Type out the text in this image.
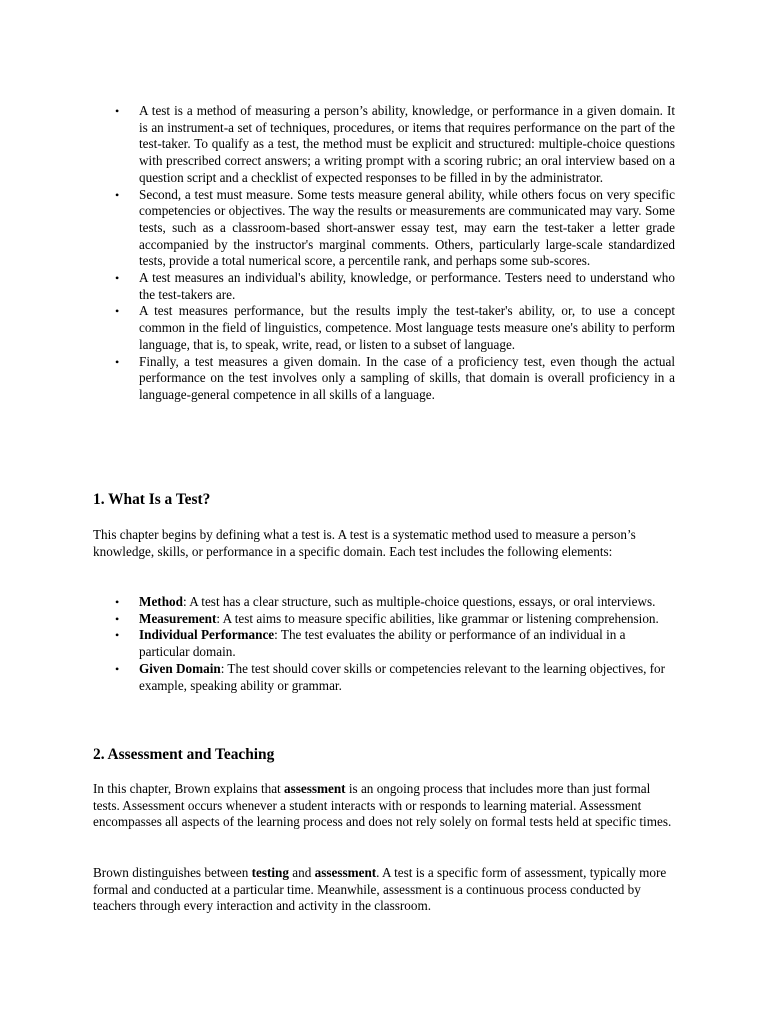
• A test is a method of measuring a person’s ability, knowledge, or performance in a given domain. It is an instrument-a set of techniques, procedures, or items that requires performance on the part of the test-taker. To qualify as a test, the method must be explicit and structured: multiple-choice questions with prescribed correct answers; a writing prompt with a scoring rubric; an oral interview based on a question script and a checklist of expected responses to be filled in by the administrator.
• Second, a test must measure. Some tests measure general ability, while others focus on very specific competencies or objectives. The way the results or measurements are communicated may vary. Some tests, such as a classroom-based short-answer essay test, may earn the test-taker a letter grade accompanied by the instructor's marginal comments. Others, particularly large-scale standardized tests, provide a total numerical score, a percentile rank, and perhaps some sub-scores.
• A test measures an individual's ability, knowledge, or performance. Testers need to understand who the test-takers are.
• A test measures performance, but the results imply the test-taker's ability, or, to use a concept common in the field of linguistics, competence. Most language tests measure one's ability to perform language, that is, to speak, write, read, or listen to a subset of language.
• Finally, a test measures a given domain. In the case of a proficiency test, even though the actual performance on the test involves only a sampling of skills, that domain is overall proficiency in a language-general competence in all skills of a language.
1. What Is a Test?

This chapter begins by defining what a test is. A test is a systematic method used to measure a person’s knowledge, skills, or performance in a specific domain. Each test includes the following elements:

• Method: A test has a clear structure, such as multiple-choice questions, essays, or oral interviews.
• Measurement: A test aims to measure specific abilities, like grammar or listening comprehension.
• Individual Performance: The test evaluates the ability or performance of an individual in a particular domain.
• Given Domain: The test should cover skills or competencies relevant to the learning objectives, for example, speaking ability or grammar.
2. Assessment and Teaching

In this chapter, Brown explains that assessment is an ongoing process that includes more than just formal tests. Assessment occurs whenever a student interacts with or responds to learning material. Assessment encompasses all aspects of the learning process and does not rely solely on formal tests held at specific times.

Brown distinguishes between testing and assessment. A test is a specific form of assessment, typically more formal and conducted at a particular time. Meanwhile, assessment is a continuous process conducted by teachers through every interaction and activity in the classroom.
